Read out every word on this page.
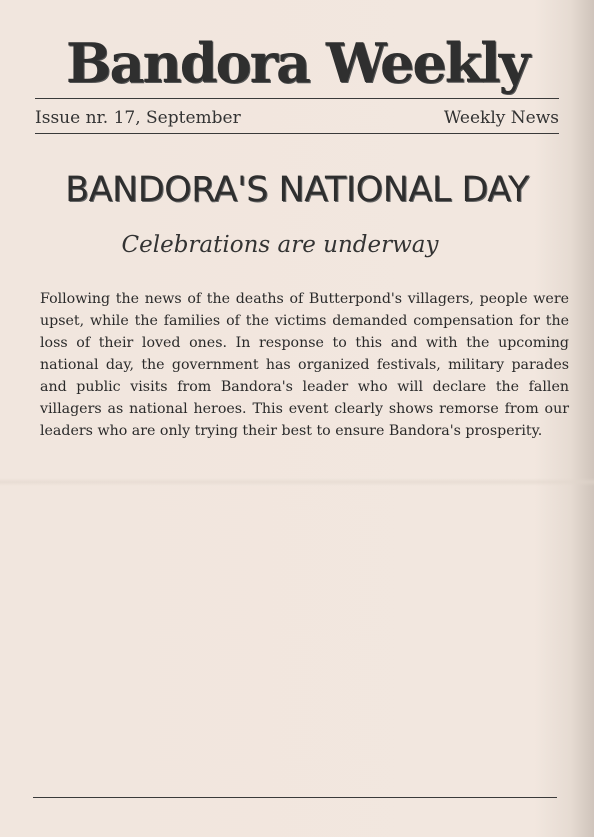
Bandora Weekly
Issue nr. 17, September	Weekly News
BANDORA'S NATIONAL DAY
Celebrations are underway

Following the news of the deaths of Butterpond's villagers, people were upset, while the families of the victims demanded compensation for the loss of their loved ones. In response to this and with the upcoming national day, the government has organized festivals, military parades and public visits from Bandora's leader who will declare the fallen villagers as national heroes. This event clearly shows remorse from our leaders who are only trying their best to ensure Bandora's prosperity.
